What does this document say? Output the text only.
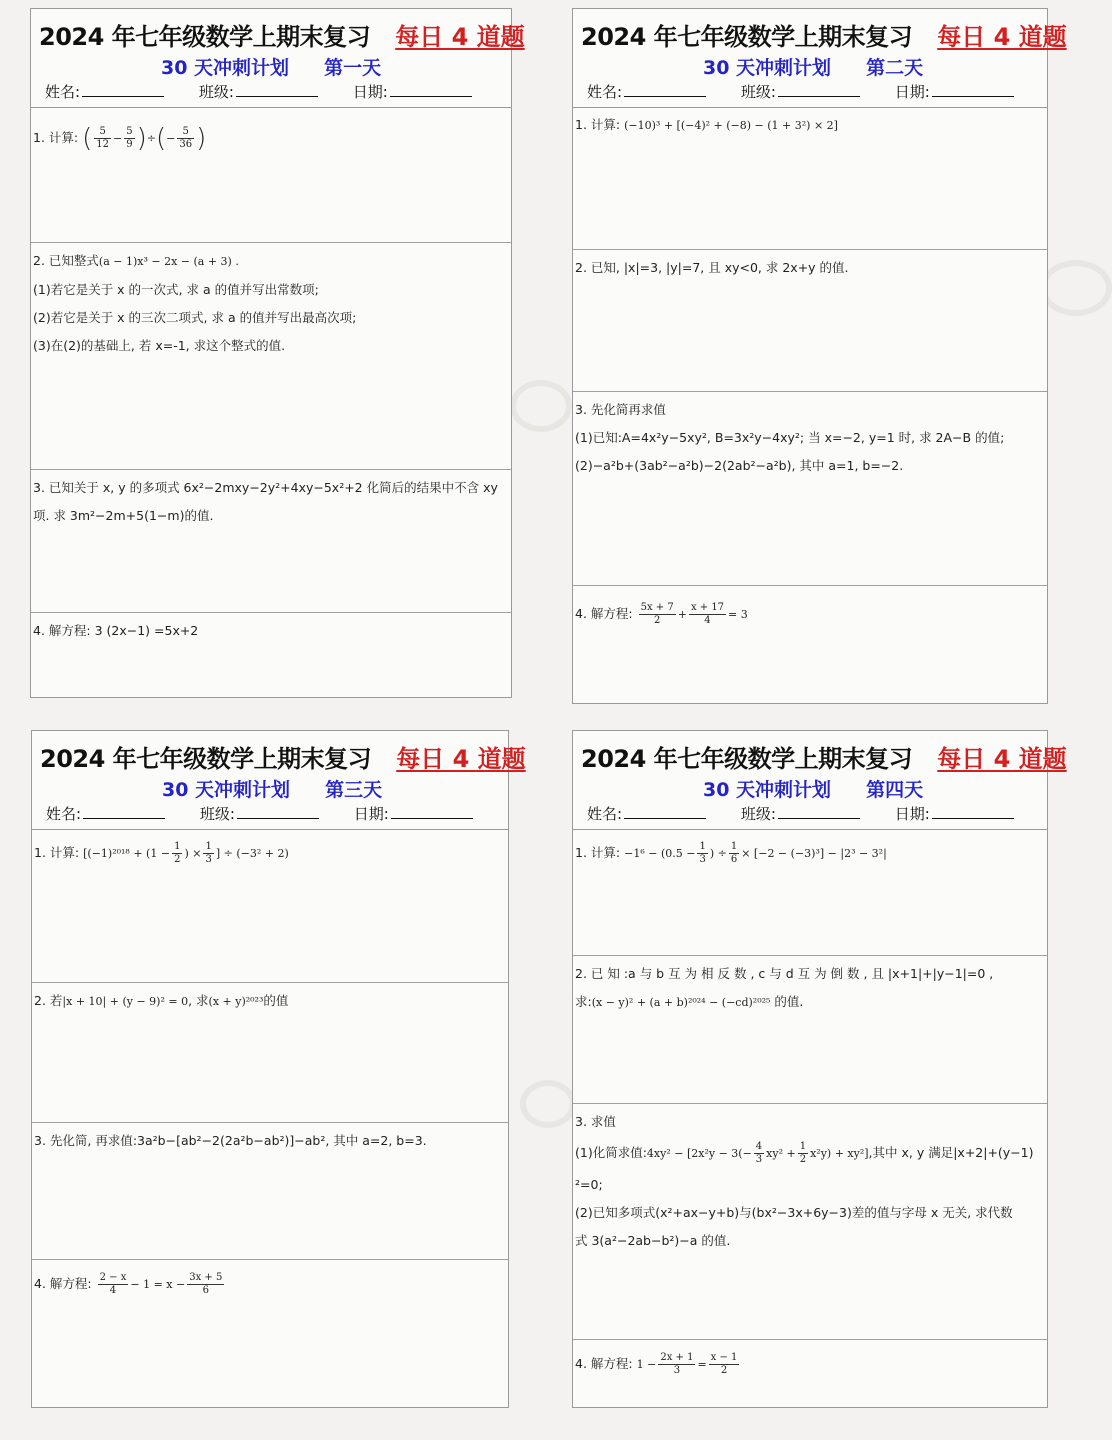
2024 年七年级数学上期末复习 每日 4 道题
30 天冲刺计划 第一天
姓名:	班级:	日期:
1. 计算: ( $\frac{5}{12} - \frac{5}{9}$ )÷(− $\frac{5}{36}$ )
2. 已知整式(a − 1)x³ − 2x − (a + 3) .
(1)若它是关于 x 的一次式, 求 a 的值并写出常数项;
(2)若它是关于 x 的三次二项式, 求 a 的值并写出最高次项;
(3)在(2)的基础上, 若 x=-1, 求这个整式的值.
3. 已知关于 x, y 的多项式 6x²−2mxy−2y²+4xy−5x²+2 化简后的结果中不含 xy
项. 求 3m²−2m+5(1−m)的值.
4. 解方程: 3 (2x−1) =5x+2
2024 年七年级数学上期末复习 每日 4 道题
30 天冲刺计划 第二天
姓名:	班级:	日期:
1. 计算: (−10)³ + [(−4)² + (−8) − (1 + 3²) × 2]
2. 已知, |x|=3, |y|=7, 且 xy<0, 求 2x+y 的值.
3. 先化简再求值
(1)已知:A=4x²y−5xy², B=3x²y−4xy²; 当 x=−2, y=1 时, 求 2A−B 的值;
(2)−a²b+(3ab²−a²b)−2(2ab²−a²b), 其中 a=1, b=−2.
4. 解方程: $\frac{5x + 7}{2} + \frac{x + 17}{4} = 3$
2024 年七年级数学上期末复习 每日 4 道题
30 天冲刺计划 第三天
姓名:	班级:	日期:
1. 计算: [$(-1)^{2018} + (1 - \frac{1}{2}$ ) × $\frac{1}{3}$ ] ÷ (−3² + 2)
2. 若|x + 10| + (y − 9)² = 0, 求(x + y)²⁰²³的值
3. 先化简, 再求值:3a²b−[ab²−2(2a²b−ab²)]−ab², 其中 a=2, b=3.
4. 解方程: $\frac{2 - x}{4} - 1 = x - \frac{3x + 5}{6}$
2024 年七年级数学上期末复习 每日 4 道题
30 天冲刺计划 第四天
姓名:	班级:	日期:
1. 计算: $-1^6 - (0.5 - \frac{1}{3}$ ) ÷ $\frac{1}{6} \times [-2 - (-3)^3] - |2^3 - 3^2|$
2. 已 知 :a 与 b 互 为 相 反 数 , c 与 d 互 为 倒 数 , 且 |x+1|+|y−1|=0 ,
求:(x − y)² + (a + b)²⁰²⁴ − (−cd)²⁰²⁵ 的值.
3. 求值
(1)化简求值:4xy² − $[2x^2y - 3(- \frac{4}{3} xy^2 + \frac{1}{2} x^2y) + xy^2]$,其中 x, y 满足|x+2|+(y−1)
²=0;
(2)已知多项式(x²+ax−y+b)与(bx²−3x+6y−3)差的值与字母 x 无关, 求代数
式 3(a²−2ab−b²)−a 的值.
4. 解方程: $1 - \frac{2x + 1}{3} = \frac{x - 1}{2}$
